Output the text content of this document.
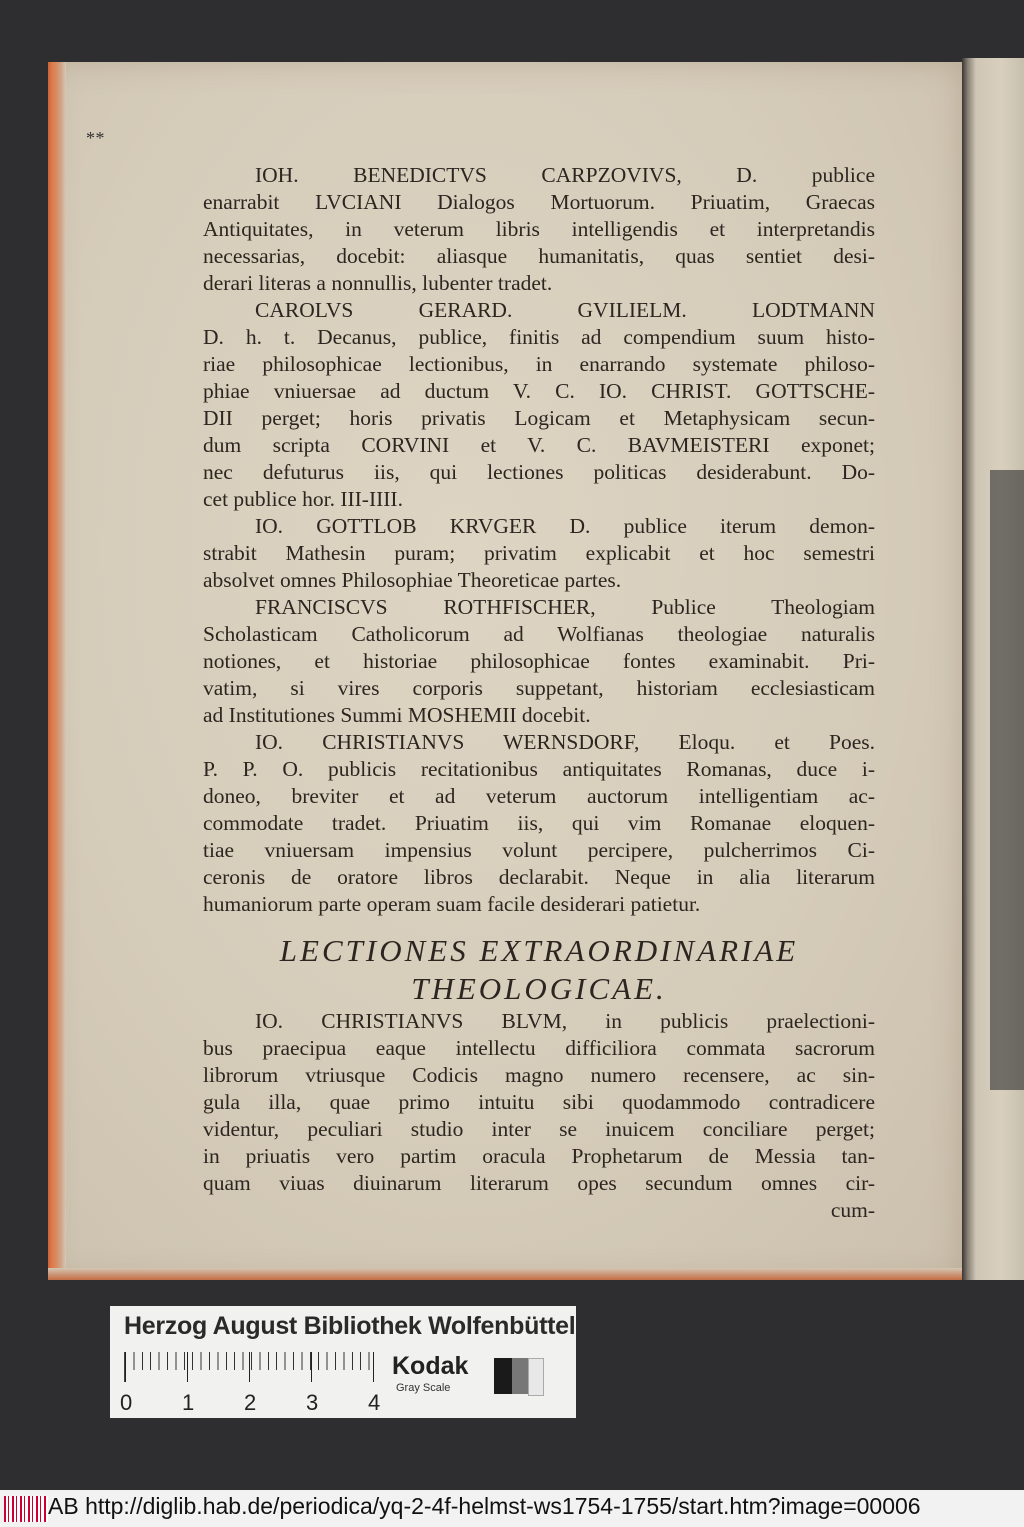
* *
IOH. BENEDICTVS CARPZOVIVS, D. publice
enarrabit LVCIANI Dialogos Mortuorum. Priuatim, Graecas
Antiquitates, in veterum libris intelligendis et interpretandis
necessarias, docebit: aliasque humanitatis, quas sentiet desi-
derari literas a nonnullis, lubenter tradet.
CAROLVS GERARD. GVILIELM. LODTMANN
D. h. t. Decanus, publice, finitis ad compendium suum histo-
riae philosophicae lectionibus, in enarrando systemate philoso-
phiae vniuersae ad ductum V. C. IO. CHRIST. GOTTSCHE-
DII perget; horis privatis Logicam et Metaphysicam secun-
dum scripta CORVINI et V. C. BAVMEISTERI exponet;
nec defuturus iis, qui lectiones politicas desiderabunt. Do-
cet publice hor. III-IIII.
IO. GOTTLOB KRVGER D. publice iterum demon-
strabit Mathesin puram; privatim explicabit et hoc semestri
absolvet omnes Philosophiae Theoreticae partes.
FRANCISCVS ROTHFISCHER, Publice Theologiam
Scholasticam Catholicorum ad Wolfianas theologiae naturalis
notiones, et historiae philosophicae fontes examinabit. Pri-
vatim, si vires corporis suppetant, historiam ecclesiasticam
ad Institutiones Summi MOSHEMII docebit.
IO. CHRISTIANVS WERNSDORF, Eloqu. et Poes.
P. P. O. publicis recitationibus antiquitates Romanas, duce i-
doneo, breviter et ad veterum auctorum intelligentiam ac-
commodate tradet. Priuatim iis, qui vim Romanae eloquen-
tiae vniuersam impensius volunt percipere, pulcherrimos Ci-
ceronis de oratore libros declarabit. Neque in alia literarum
humaniorum parte operam suam facile desiderari patietur.
LECTIONES EXTRAORDINARIAE
THEOLOGICAE.
IO. CHRISTIANVS BLVM, in publicis praelectioni-
bus praecipua eaque intellectu difficiliora commata sacrorum
librorum vtriusque Codicis magno numero recensere, ac sin-
gula illa, quae primo intuitu sibi quodammodo contradicere
videntur, peculiari studio inter se inuicem conciliare perget;
in priuatis vero partim oracula Prophetarum de Messia tan-
quam viuas diuinarum literarum opes secundum omnes cir-
cum-
Herzog August Bibliothek Wolfenbüttel
0 1 2 3 4
Kodak
Gray Scale
AB http://diglib.hab.de/periodica/yq-2-4f-helmst-ws1754-1755/start.htm?image=00006
